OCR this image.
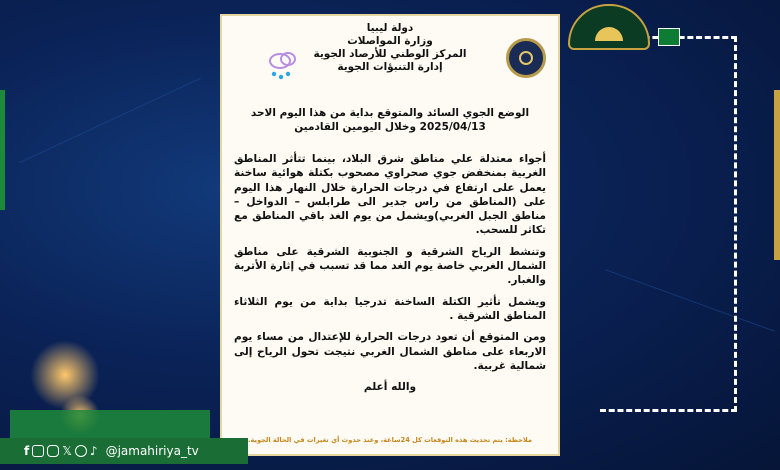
دولة ليبيا
وزارة المواصلات
المركز الوطني للأرصاد الجوية
إدارة التنبؤات الجوية
الوضع الجوي السائد والمتوقع بداية من هذا اليوم الاحد
2025/04/13 وخلال اليومين القادمين

أجواء معتدلة علي مناطق شرق البلاد، بينما تتأثر المناطق الغربية بمنخفض جوي صحراوي مصحوب بكتلة هوائية ساخنة يعمل على ارتفاع في درجات الحرارة خلال النهار هذا اليوم على (المناطق من راس جدير الى طرابلس – الدواخل –مناطق الجبل الغربي)ويشمل من يوم الغد باقي المناطق مع تكاثر للسحب.

وتنشط الرياح الشرقية و الجنوبية الشرقية على مناطق الشمال الغربي خاصة يوم الغد مما قد تسبب في إثارة الأتربة والغبار.

ويشمل تأثير الكتلة الساخنة تدرجيا بداية من يوم الثلاثاء المناطق الشرقية .

ومن المتوقع أن تعود درجات الحرارة للإعتدال من مساء يوم الاربعاء على مناطق الشمال الغربي نتيجت تحول الرياح إلى شمالية غربية.

والله أعلم

ملاحظة: يتم تحديث هذه التوقعات كل 24ساعة، وعند حدوث أي تغيرات في الحالة الجوية.
f	𝕏 ♪ @jamahiriya_tv
